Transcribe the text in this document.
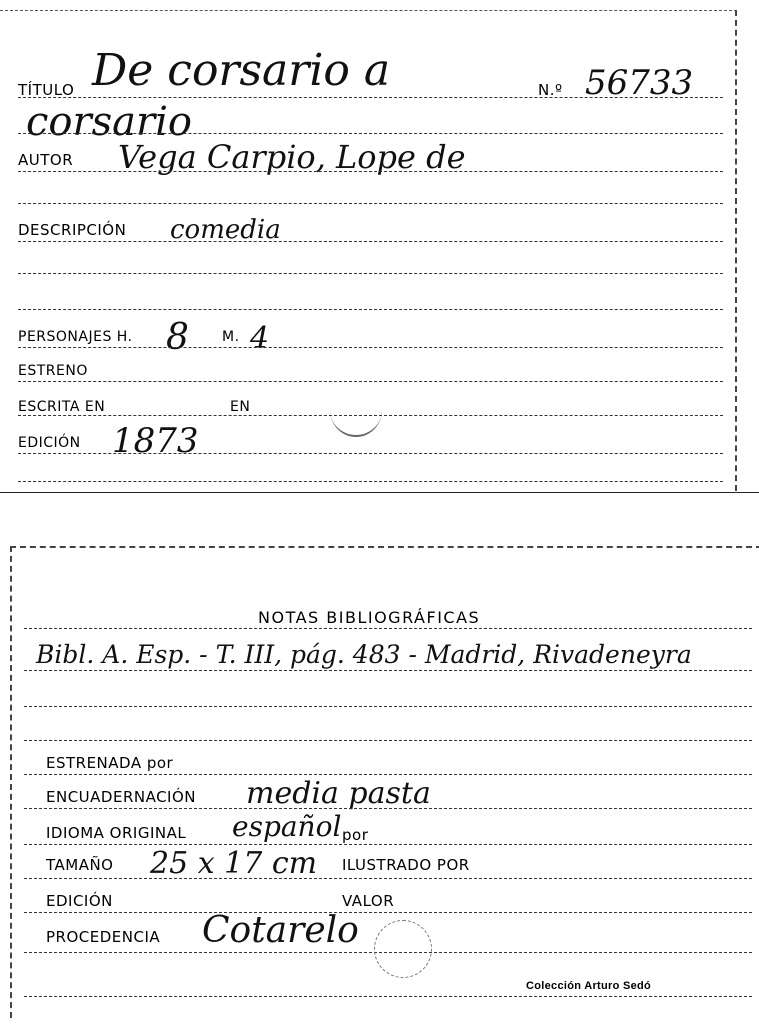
TÍTULO De corsario a	N.º 56733
corsario
AUTOR Vega Carpio, Lope de
DESCRIPCIÓN comedia
PERSONAJES H. 8 M. 4
ESTRENO
ESCRITA EN	EN
EDICIÓN 1873
NOTAS BIBLIOGRÁFICAS
Bibl. A. Esp. - T. III, pág. 483 - Madrid, Rivadeneyra
ESTRENADA por
ENCUADERNACIÓN media pasta
IDIOMA ORIGINAL español por
TAMAÑO 25 x 17 cm ILUSTRADO POR
EDICIÓN	VALOR
PROCEDENCIA Cotarelo
Colección Arturo Sedó
